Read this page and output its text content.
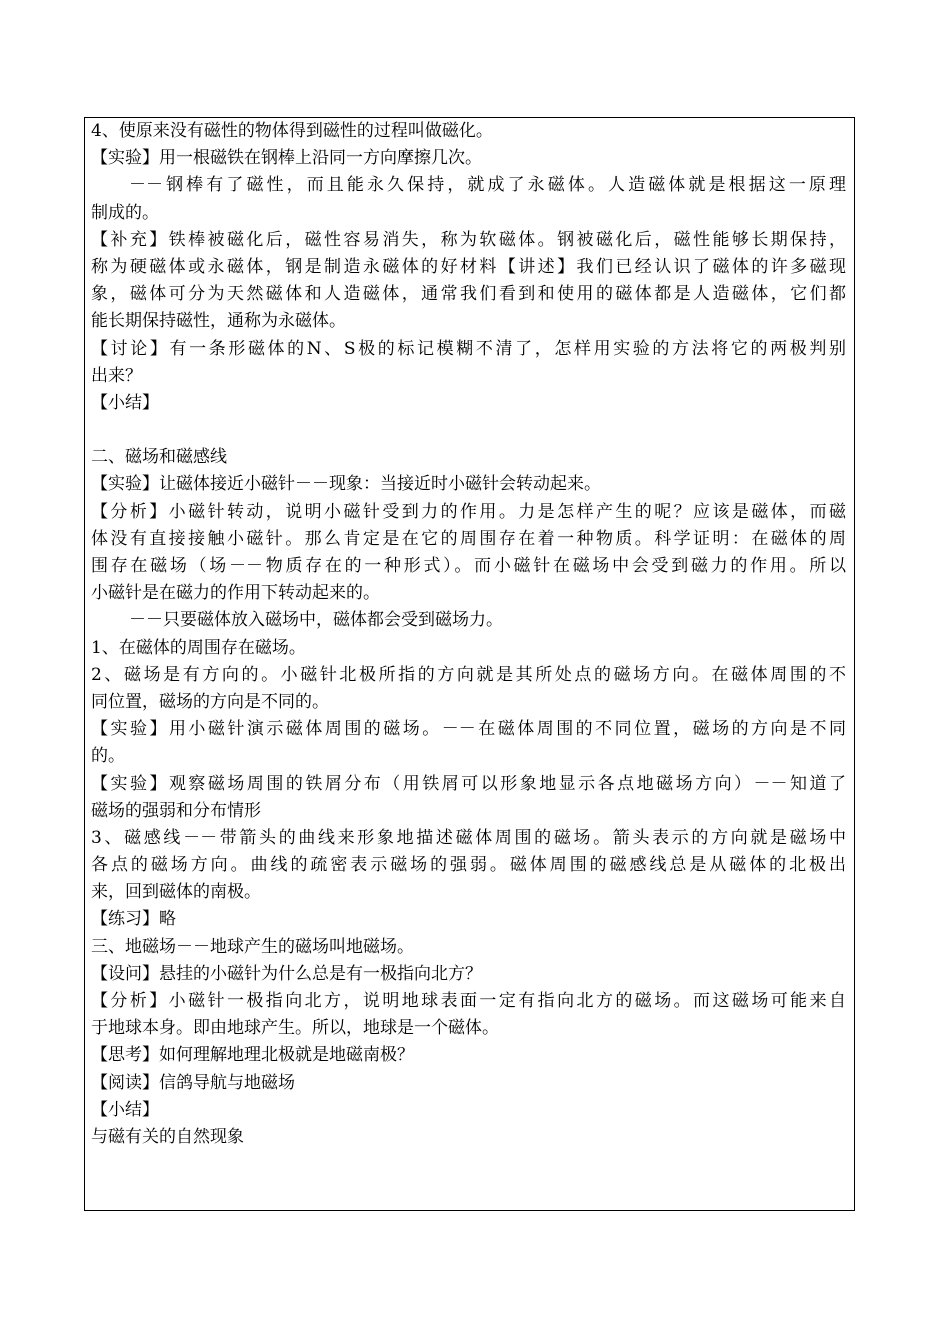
4、使原来没有磁性的物体得到磁性的过程叫做磁化。
【实验】用一根磁铁在钢棒上沿同一方向摩擦几次。
－－钢棒有了磁性，而且能永久保持，就成了永磁体。人造磁体就是根据这一原理
制成的。
【补充】铁棒被磁化后，磁性容易消失，称为软磁体。钢被磁化后，磁性能够长期保持，
称为硬磁体或永磁体，钢是制造永磁体的好材料【讲述】我们已经认识了磁体的许多磁现
象，磁体可分为天然磁体和人造磁体，通常我们看到和使用的磁体都是人造磁体，它们都
能长期保持磁性，通称为永磁体。
【讨论】有一条形磁体的N、S极的标记模糊不清了，怎样用实验的方法将它的两极判别
出来？
【小结】
二、磁场和磁感线
【实验】让磁体接近小磁针－－现象：当接近时小磁针会转动起来。
【分析】小磁针转动，说明小磁针受到力的作用。力是怎样产生的呢？应该是磁体，而磁
体没有直接接触小磁针。那么肯定是在它的周围存在着一种物质。科学证明：在磁体的周
围存在磁场（场－－物质存在的一种形式）。而小磁针在磁场中会受到磁力的作用。所以
小磁针是在磁力的作用下转动起来的。
－－只要磁体放入磁场中，磁体都会受到磁场力。
1、在磁体的周围存在磁场。
2、磁场是有方向的。小磁针北极所指的方向就是其所处点的磁场方向。在磁体周围的不
同位置，磁场的方向是不同的。
【实验】用小磁针演示磁体周围的磁场。－－在磁体周围的不同位置，磁场的方向是不同
的。
【实验】观察磁场周围的铁屑分布（用铁屑可以形象地显示各点地磁场方向）－－知道了
磁场的强弱和分布情形
3、磁感线－－带箭头的曲线来形象地描述磁体周围的磁场。箭头表示的方向就是磁场中
各点的磁场方向。曲线的疏密表示磁场的强弱。磁体周围的磁感线总是从磁体的北极出
来，回到磁体的南极。
【练习】略
三、地磁场－－地球产生的磁场叫地磁场。
【设问】悬挂的小磁针为什么总是有一极指向北方？
【分析】小磁针一极指向北方，说明地球表面一定有指向北方的磁场。而这磁场可能来自
于地球本身。即由地球产生。所以，地球是一个磁体。
【思考】如何理解地理北极就是地磁南极？
【阅读】信鸽导航与地磁场
【小结】
与磁有关的自然现象
